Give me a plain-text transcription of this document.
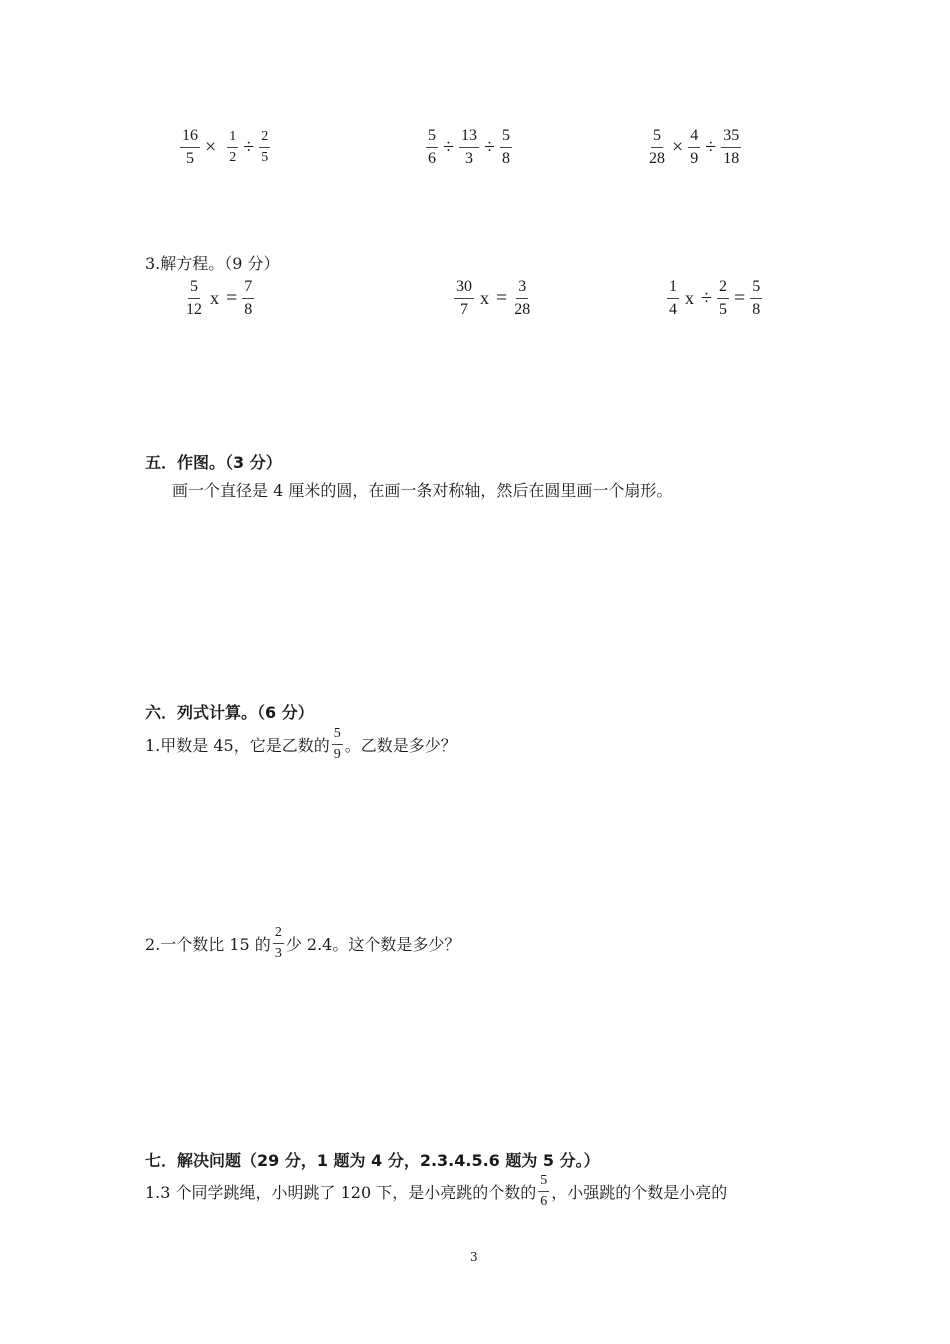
$\frac{16}{5} \times \frac{1}{2} \div \frac{2}{5}$	$\frac{5}{6} \div \frac{13}{3} \div \frac{5}{8}$	$\frac{5}{28} \times \frac{4}{9} \div \frac{35}{18}$
3.解方程。（9 分）
$\frac{5}{12}$ $x = \frac{7}{8}$	$\frac{30}{7}$ $x = \frac{3}{28}$	$\frac{1}{4}$ $x \div \frac{2}{5} = \frac{5}{8}$
五．作图。（3 分）
画一个直径是 4 厘米的圆，在画一条对称轴，然后在圆里画一个扇形。
六．列式计算。（6 分）
1.甲数是 45，它是乙数的 $\frac{5}{9}$ 。乙数是多少？
2.一个数比 15 的 $\frac{2}{3}$ 少 2.4。这个数是多少？
七．解决问题（29 分，1 题为 4 分，2.3.4.5.6 题为 5 分。）
1.3 个同学跳绳，小明跳了 120 下，是小亮跳的个数的 $\frac{5}{6}$ ，小强跳的个数是小亮的
3
